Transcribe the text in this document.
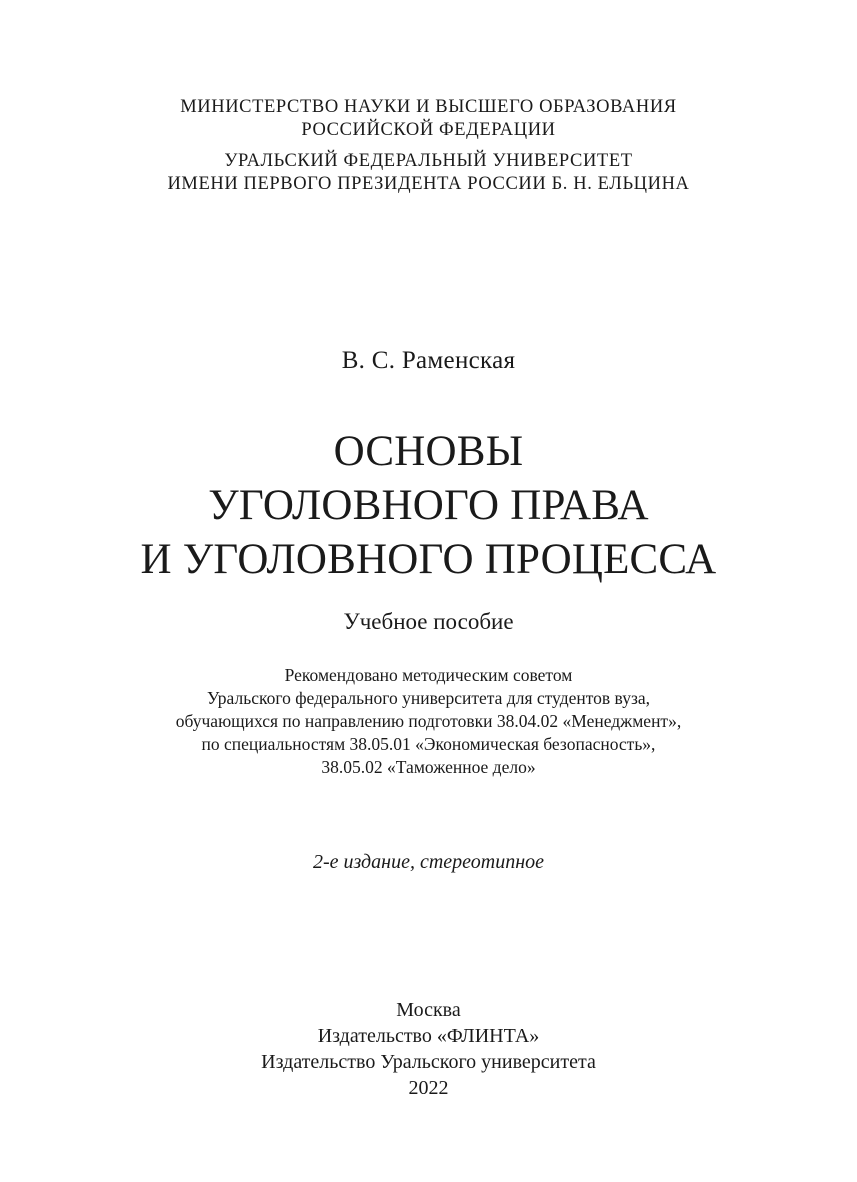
МИНИСТЕРСТВО НАУКИ И ВЫСШЕГО ОБРАЗОВАНИЯ
РОССИЙСКОЙ ФЕДЕРАЦИИ
УРАЛЬСКИЙ ФЕДЕРАЛЬНЫЙ УНИВЕРСИТЕТ
ИМЕНИ ПЕРВОГО ПРЕЗИДЕНТА РОССИИ Б. Н. ЕЛЬЦИНА
В. С. Раменская
ОСНОВЫ
УГОЛОВНОГО ПРАВА
И УГОЛОВНОГО ПРОЦЕССА
Учебное пособие
Рекомендовано методическим советом
Уральского федерального университета для студентов вуза,
обучающихся по направлению подготовки 38.04.02 «Менеджмент»,
по специальностям 38.05.01 «Экономическая безопасность»,
38.05.02 «Таможенное дело»
2-е издание, стереотипное
Москва
Издательство «ФЛИНТА»
Издательство Уральского университета
2022
